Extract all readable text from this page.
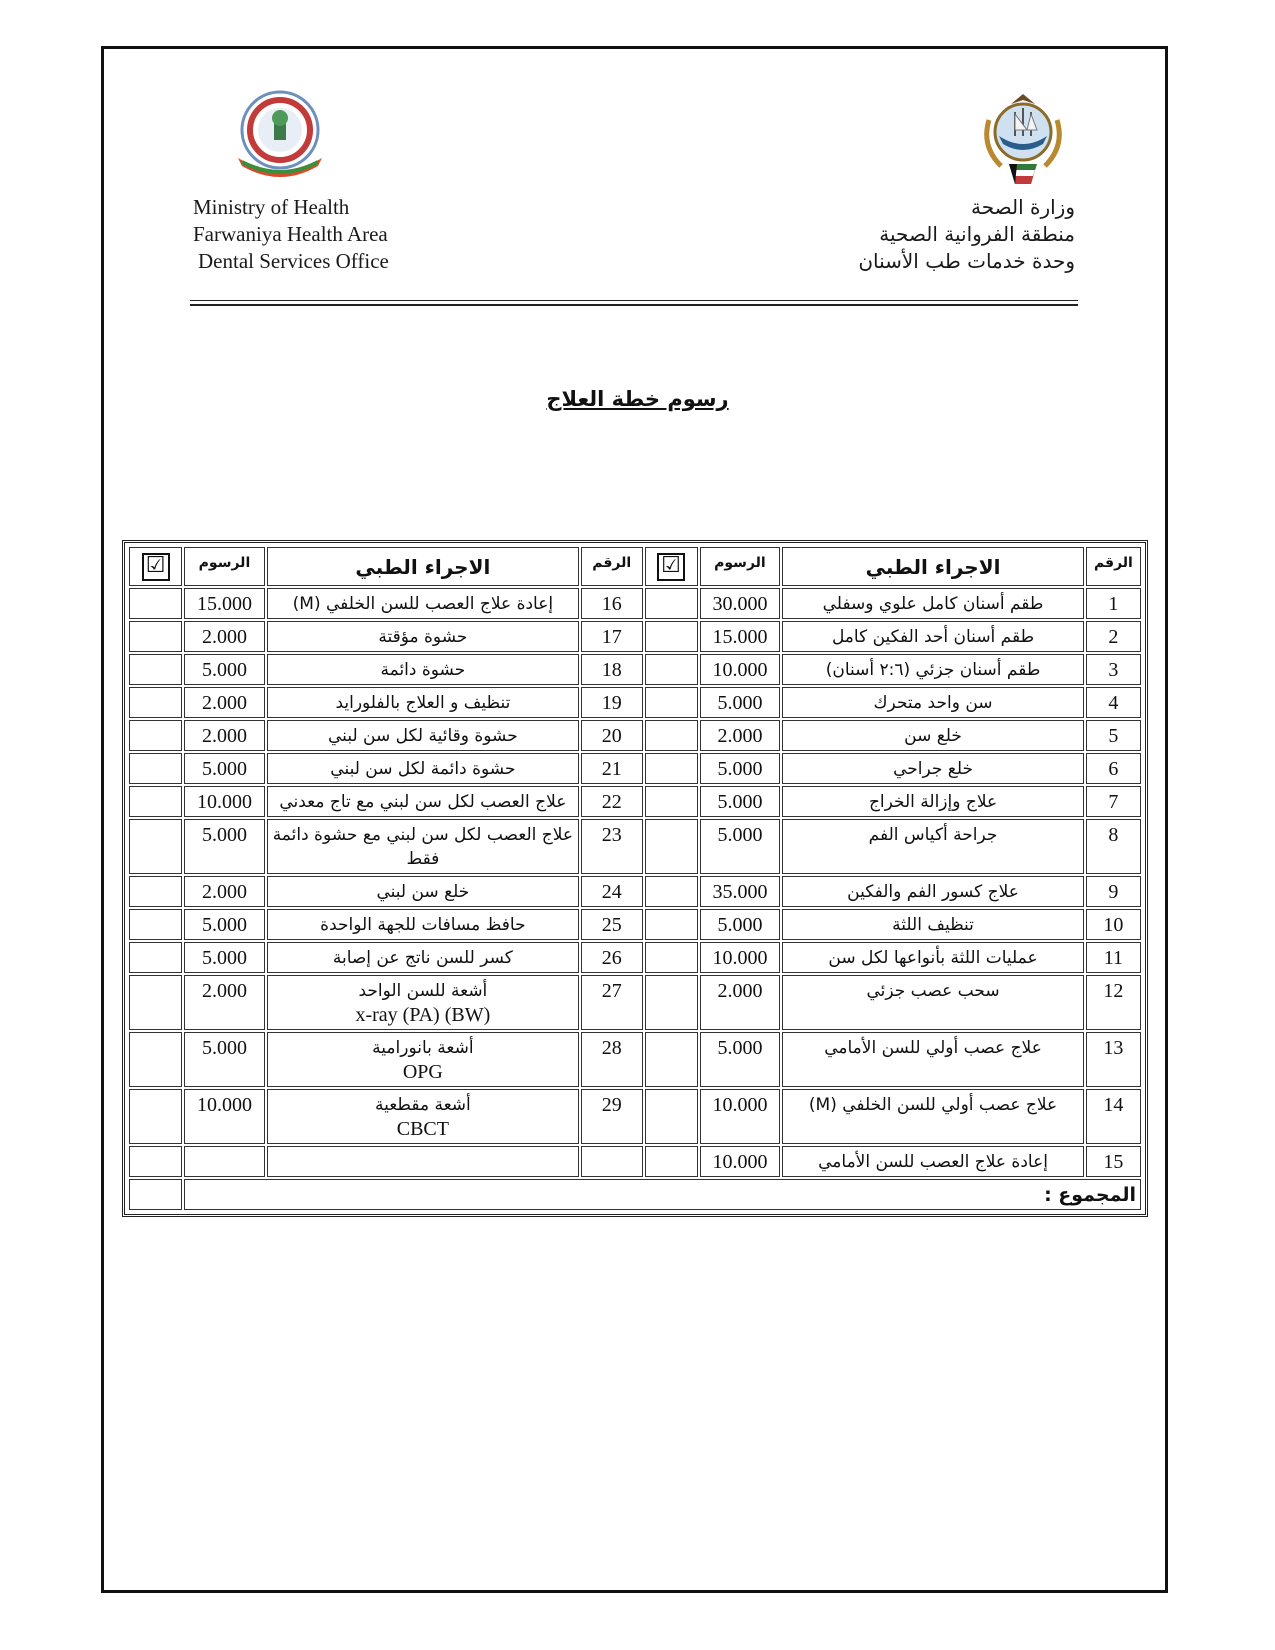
Ministry of Health
Farwaniya Health Area
Dental Services Office
وزارة الصحة
منطقة الفروانية الصحية
وحدة خدمات طب الأسنان
رسوم خطة العلاج
الرقم	الاجراء الطبي	الرسوم	☑	الرقم	الاجراء الطبي	الرسوم	☑

1	طقم أسنان كامل علوي وسفلي	30.000		16	إعادة علاج العصب للسن الخلفي (M)	15.000	

2	طقم أسنان أحد الفكين كامل	15.000		17	حشوة مؤقتة	2.000	

3	طقم أسنان جزئي (٢:٦ أسنان)	10.000		18	حشوة دائمة	5.000	

4	سن واحد متحرك	5.000		19	تنظيف و العلاج بالفلورايد	2.000	

5	خلع سن	2.000		20	حشوة وقائية لكل سن لبني	2.000	

6	خلع جراحي	5.000		21	حشوة دائمة لكل سن لبني	5.000	

7	علاج وإزالة الخراج	5.000		22	علاج العصب لكل سن لبني مع تاج معدني	10.000	

8	جراحة أكياس الفم	5.000		23	علاج العصب لكل سن لبني مع حشوة دائمة فقط	5.000	

9	علاج كسور الفم والفكين	35.000		24	خلع سن لبني	2.000	

10	تنظيف اللثة	5.000		25	حافظ مسافات للجهة الواحدة	5.000	

11	عمليات اللثة بأنواعها لكل سن	10.000		26	كسر للسن ناتج عن إصابة	5.000	

12	سحب عصب جزئي	2.000		27	أشعة للسن الواحد
x-ray (PA) (BW)	2.000	

13	علاج عصب أولي للسن الأمامي	5.000		28	أشعة بانورامية
OPG	5.000	

14	علاج عصب أولي للسن الخلفي (M)	10.000		29	أشعة مقطعية
CBCT	10.000	

15	إعادة علاج العصب للسن الأمامي	10.000					

المجموع :							
